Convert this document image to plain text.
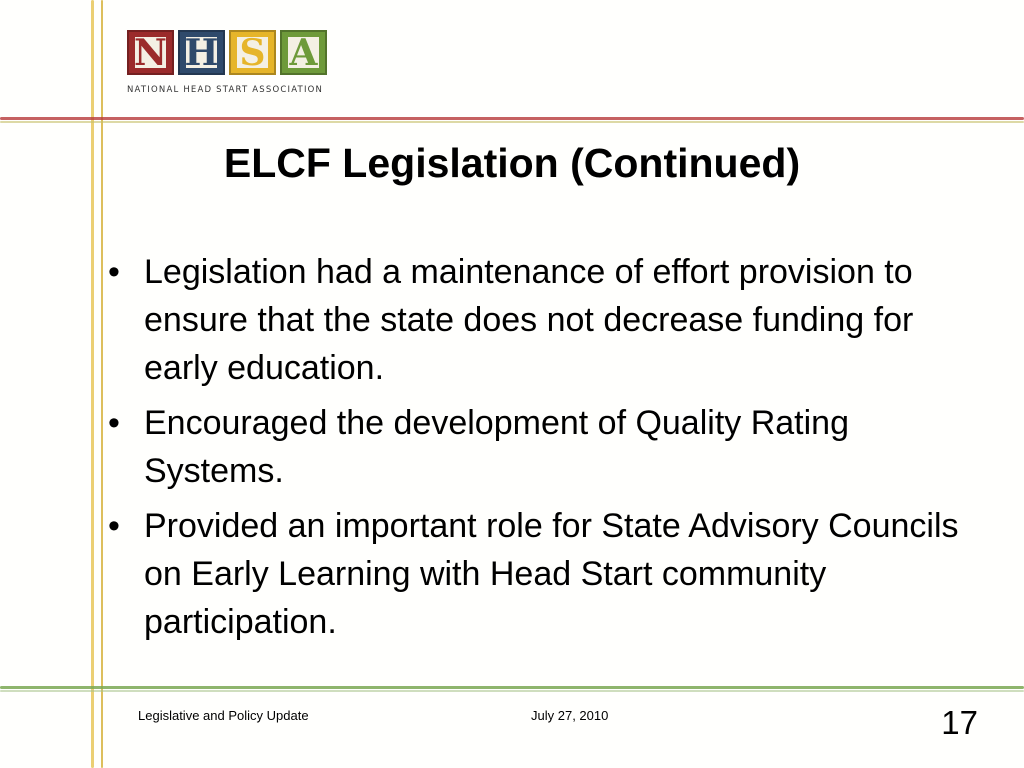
N H S A
NATIONAL HEAD START ASSOCIATION
ELCF Legislation (Continued)
• Legislation had a maintenance of effort provision to ensure that the state does not decrease funding for early education.
• Encouraged the development of Quality Rating Systems.
• Provided an important role for State Advisory Councils on Early Learning with Head Start community participation.
Legislative and Policy Update	July 27, 2010	17
